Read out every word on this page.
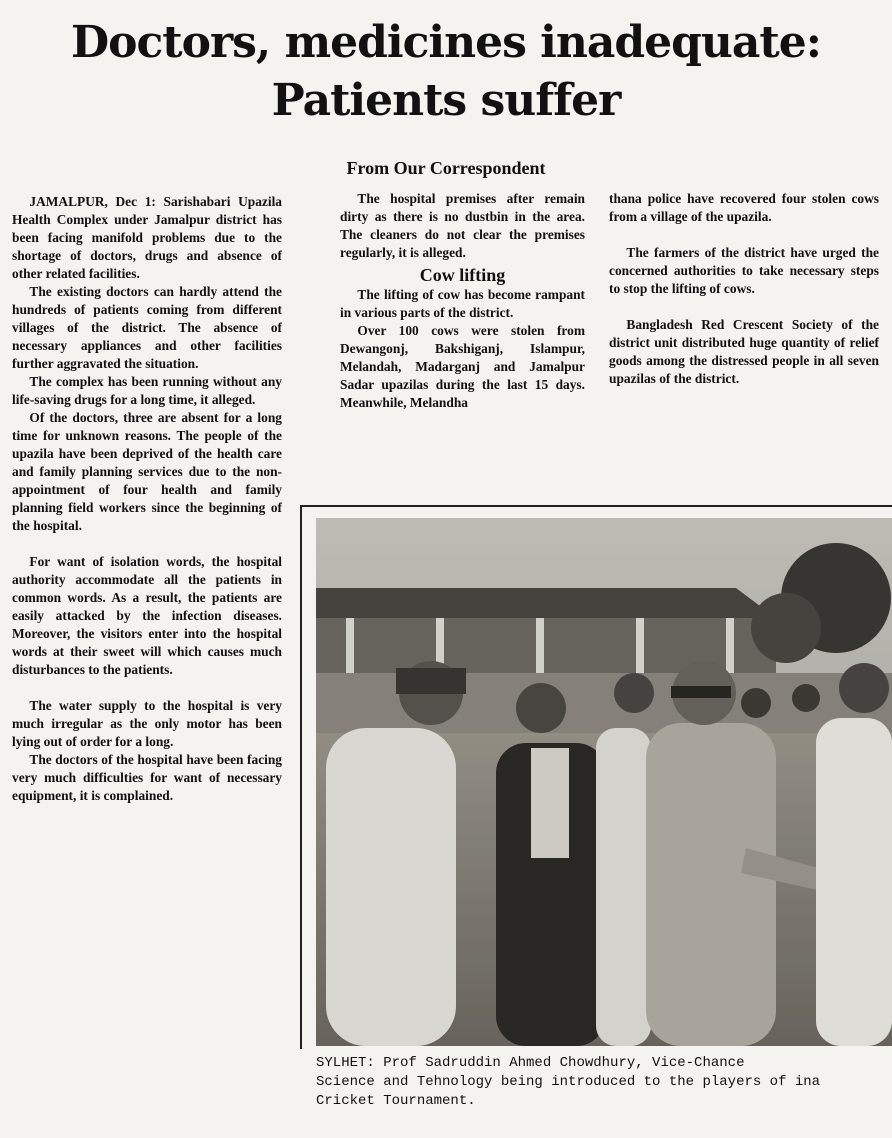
Doctors, medicines inadequate:
Patients suffer
From Our Correspondent

JAMALPUR, Dec 1: Sarishabari Upazila Health Complex under Jamalpur district has been facing manifold problems due to the shortage of doctors, drugs and absence of other related facilities.

The existing doctors can hardly attend the hundreds of patients coming from different villages of the district. The absence of necessary appliances and other facilities further aggravated the situation.

The complex has been running without any life-saving drugs for a long time, it alleged.

Of the doctors, three are absent for a long time for unknown reasons. The people of the upazila have been deprived of the health care and family planning services due to the non-appointment of four health and family planning field workers since the beginning of the hospital.

For want of isolation words, the hospital authority accommodate all the patients in common words. As a result, the patients are easily attacked by the infection diseases. Moreover, the visitors enter into the hospital words at their sweet will which causes much disturbances to the patients.

The water supply to the hospital is very much irregular as the only motor has been lying out of order for a long.

The doctors of the hospital have been facing very much difficulties for want of necessary equipment, it is complained.

The hospital premises after remain dirty as there is no dustbin in the area. The cleaners do not clear the premises regularly, it is alleged.

Cow lifting

The lifting of cow has become rampant in various parts of the district.

Over 100 cows were stolen from Dewangonj, Bakshiganj, Islampur, Melandah, Madarganj and Jamalpur Sadar upazilas during the last 15 days. Meanwhile, Melandha

thana police have recovered four stolen cows from a village of the upazila.

The farmers of the district have urged the concerned authorities to take necessary steps to stop the lifting of cows.

Bangladesh Red Crescent Society of the district unit distributed huge quantity of relief goods among the distressed people in all seven upazilas of the district.

SYLHET: Prof Sadruddin Ahmed Chowdhury, Vice-Chance
Science and Tehnology being introduced to the players of ina
Cricket Tournament.
